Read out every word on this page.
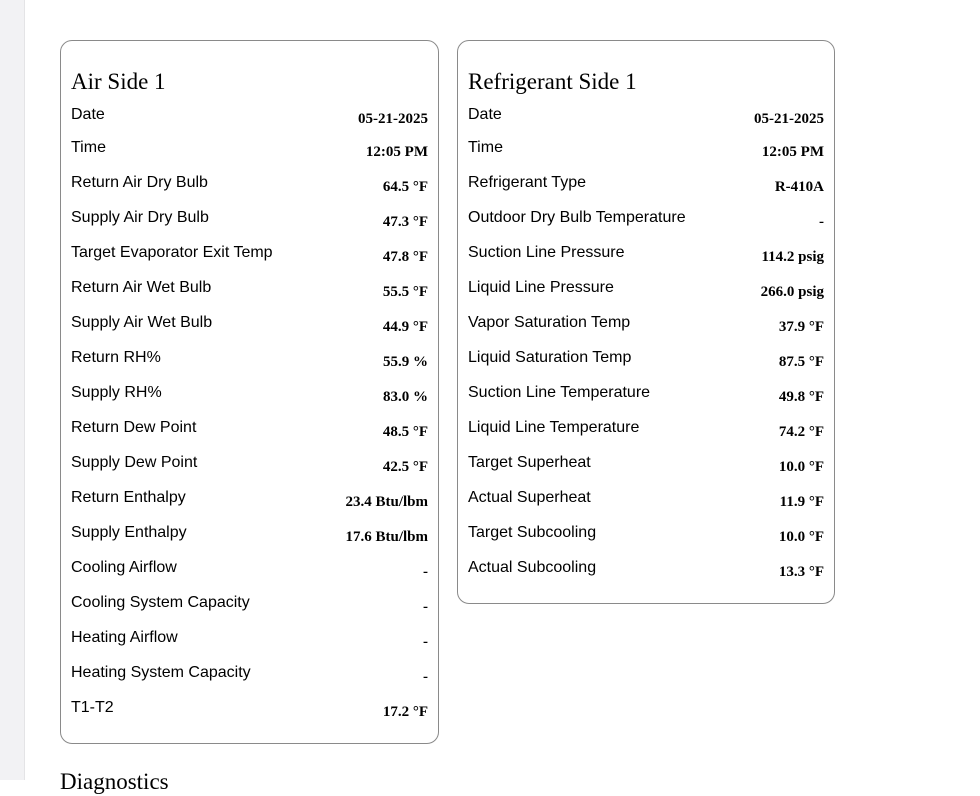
Air Side 1
Date	05-21-2025
Time	12:05 PM
Return Air Dry Bulb	64.5 °F
Supply Air Dry Bulb	47.3 °F
Target Evaporator Exit Temp	47.8 °F
Return Air Wet Bulb	55.5 °F
Supply Air Wet Bulb	44.9 °F
Return RH%	55.9 %
Supply RH%	83.0 %
Return Dew Point	48.5 °F
Supply Dew Point	42.5 °F
Return Enthalpy	23.4 Btu/lbm
Supply Enthalpy	17.6 Btu/lbm
Cooling Airflow	-
Cooling System Capacity	-
Heating Airflow	-
Heating System Capacity	-
T1-T2	17.2 °F
Refrigerant Side 1
Date	05-21-2025
Time	12:05 PM
Refrigerant Type	R-410A
Outdoor Dry Bulb Temperature	-
Suction Line Pressure	114.2 psig
Liquid Line Pressure	266.0 psig
Vapor Saturation Temp	37.9 °F
Liquid Saturation Temp	87.5 °F
Suction Line Temperature	49.8 °F
Liquid Line Temperature	74.2 °F
Target Superheat	10.0 °F
Actual Superheat	11.9 °F
Target Subcooling	10.0 °F
Actual Subcooling	13.3 °F
Diagnostics
